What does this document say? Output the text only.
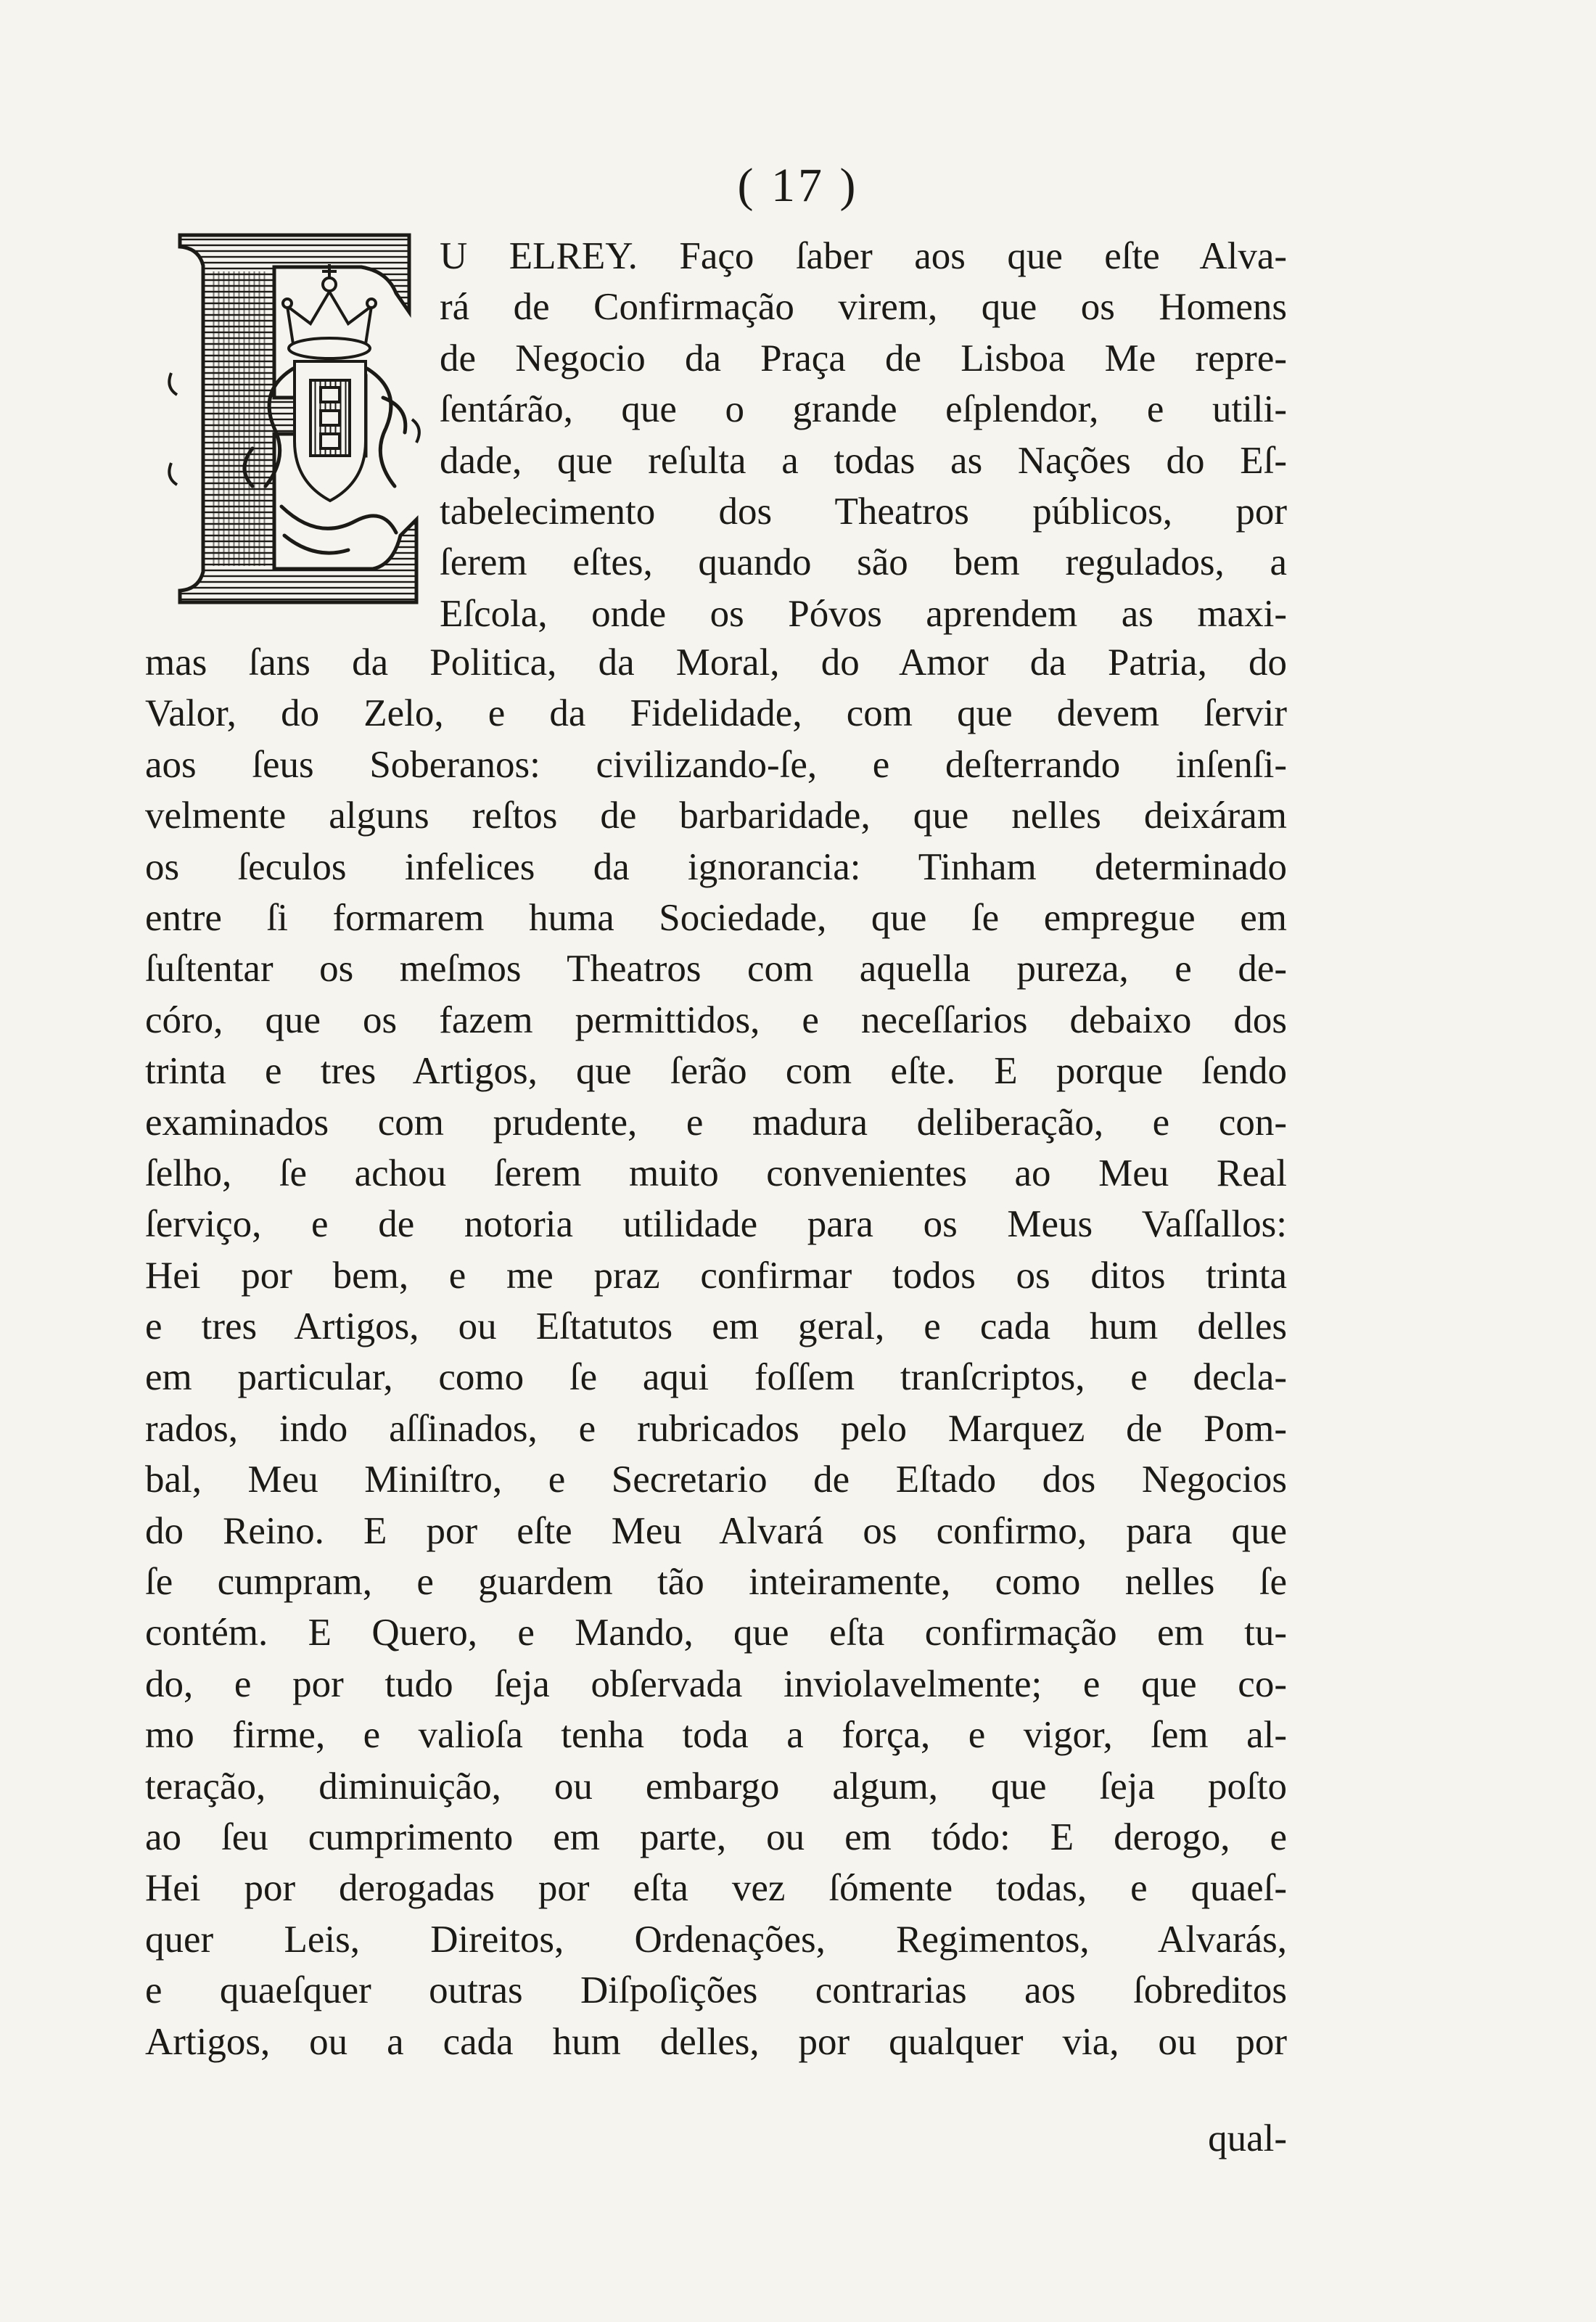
( 17 )
U ELREY. Faço ſaber aos que eſte Alva-
rá de Confirmação virem, que os Homens
de Negocio da Praça de Lisboa Me repre-
ſentárão, que o grande eſplendor, e utili-
dade, que reſulta a todas as Nações do Eſ-
tabelecimento dos Theatros públicos, por
ſerem eſtes, quando são bem regulados, a
Eſcola, onde os Póvos aprendem as maxi-
mas ſans da Politica, da Moral, do Amor da Patria, do
Valor, do Zelo, e da Fidelidade, com que devem ſervir
aos ſeus Soberanos: civilizando-ſe, e deſterrando inſenſi-
velmente alguns reſtos de barbaridade, que nelles deixáram
os ſeculos infelices da ignorancia: Tinham determinado
entre ſi formarem huma Sociedade, que ſe empregue em
ſuſtentar os meſmos Theatros com aquella pureza, e de-
córo, que os fazem permittidos, e neceſſarios debaixo dos
trinta e tres Artigos, que ſerão com eſte. E porque ſendo
examinados com prudente, e madura deliberação, e con-
ſelho, ſe achou ſerem muito convenientes ao Meu Real
ſerviço, e de notoria utilidade para os Meus Vaſſallos:
Hei por bem, e me praz confirmar todos os ditos trinta
e tres Artigos, ou Eſtatutos em geral, e cada hum delles
em particular, como ſe aqui foſſem tranſcriptos, e decla-
rados, indo aſſinados, e rubricados pelo Marquez de Pom-
bal, Meu Miniſtro, e Secretario de Eſtado dos Negocios
do Reino. E por eſte Meu Alvará os confirmo, para que
ſe cumpram, e guardem tão inteiramente, como nelles ſe
contém. E Quero, e Mando, que eſta confirmação em tu-
do, e por tudo ſeja obſervada inviolavelmente; e que co-
mo firme, e valioſa tenha toda a força, e vigor, ſem al-
teração, diminuição, ou embargo algum, que ſeja poſto
ao ſeu cumprimento em parte, ou em tódo: E derogo, e
Hei por derogadas por eſta vez ſómente todas, e quaeſ-
quer Leis, Direitos, Ordenações, Regimentos, Alvarás,
e quaeſquer outras Diſpoſições contrarias aos ſobreditos
Artigos, ou a cada hum delles, por qualquer via, ou por
qual-
